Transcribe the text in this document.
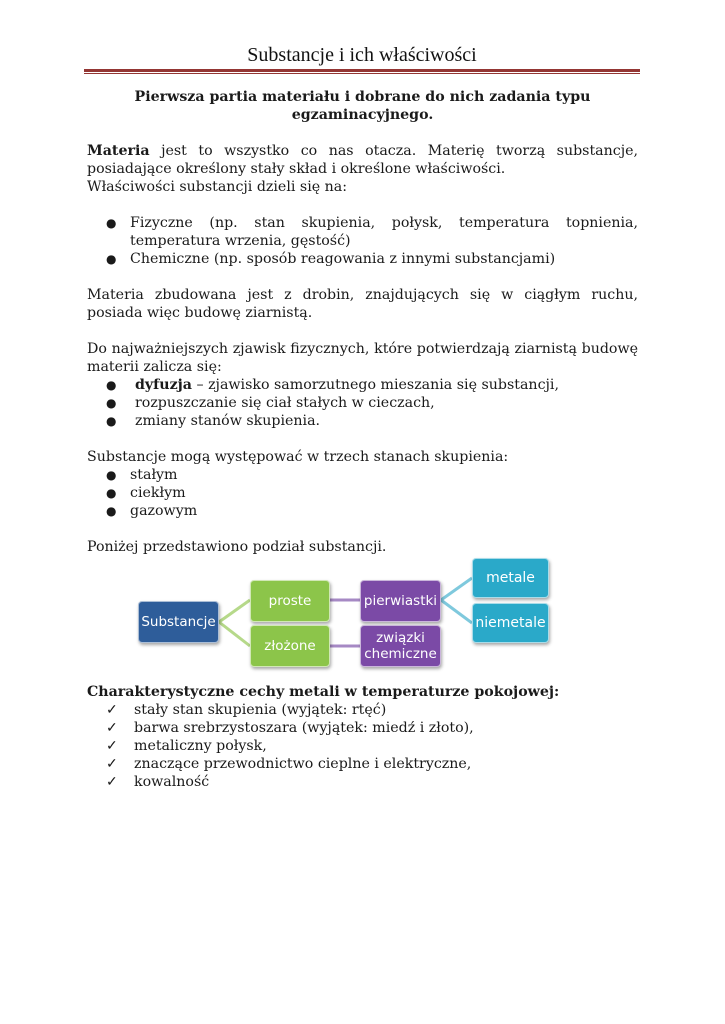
Substancje i ich właściwości

Pierwsza partia materiału i dobrane do nich zadania typu egzaminacyjnego.

Materia jest to wszystko co nas otacza. Materię tworzą substancje, posiadające określony stały skład i określone właściwości.

Właściwości substancji dzieli się na:

● Fizyczne (np. stan skupienia, połysk, temperatura topnienia, temperatura wrzenia, gęstość)
● Chemiczne (np. sposób reagowania z innymi substancjami)

Materia zbudowana jest z drobin, znajdujących się w ciągłym ruchu, posiada więc budowę ziarnistą.

Do najważniejszych zjawisk fizycznych, które potwierdzają ziarnistą budowę materii zalicza się:

● dyfuzja – zjawisko samorzutnego mieszania się substancji,
● rozpuszczanie się ciał stałych w cieczach,
● zmiany stanów skupienia.

Substancje mogą występować w trzech stanach skupienia:

● stałym
● ciekłym
● gazowym

Poniżej przedstawiono podział substancji.

Substancje
proste
złożone
pierwiastki
związki chemiczne
metale
niemetale

Charakterystyczne cechy metali w temperaturze pokojowej:

✓ stały stan skupienia (wyjątek: rtęć)
✓ barwa srebrzystoszara (wyjątek: miedź i złoto),
✓ metaliczny połysk,
✓ znaczące przewodnictwo cieplne i elektryczne,
✓ kowalność
